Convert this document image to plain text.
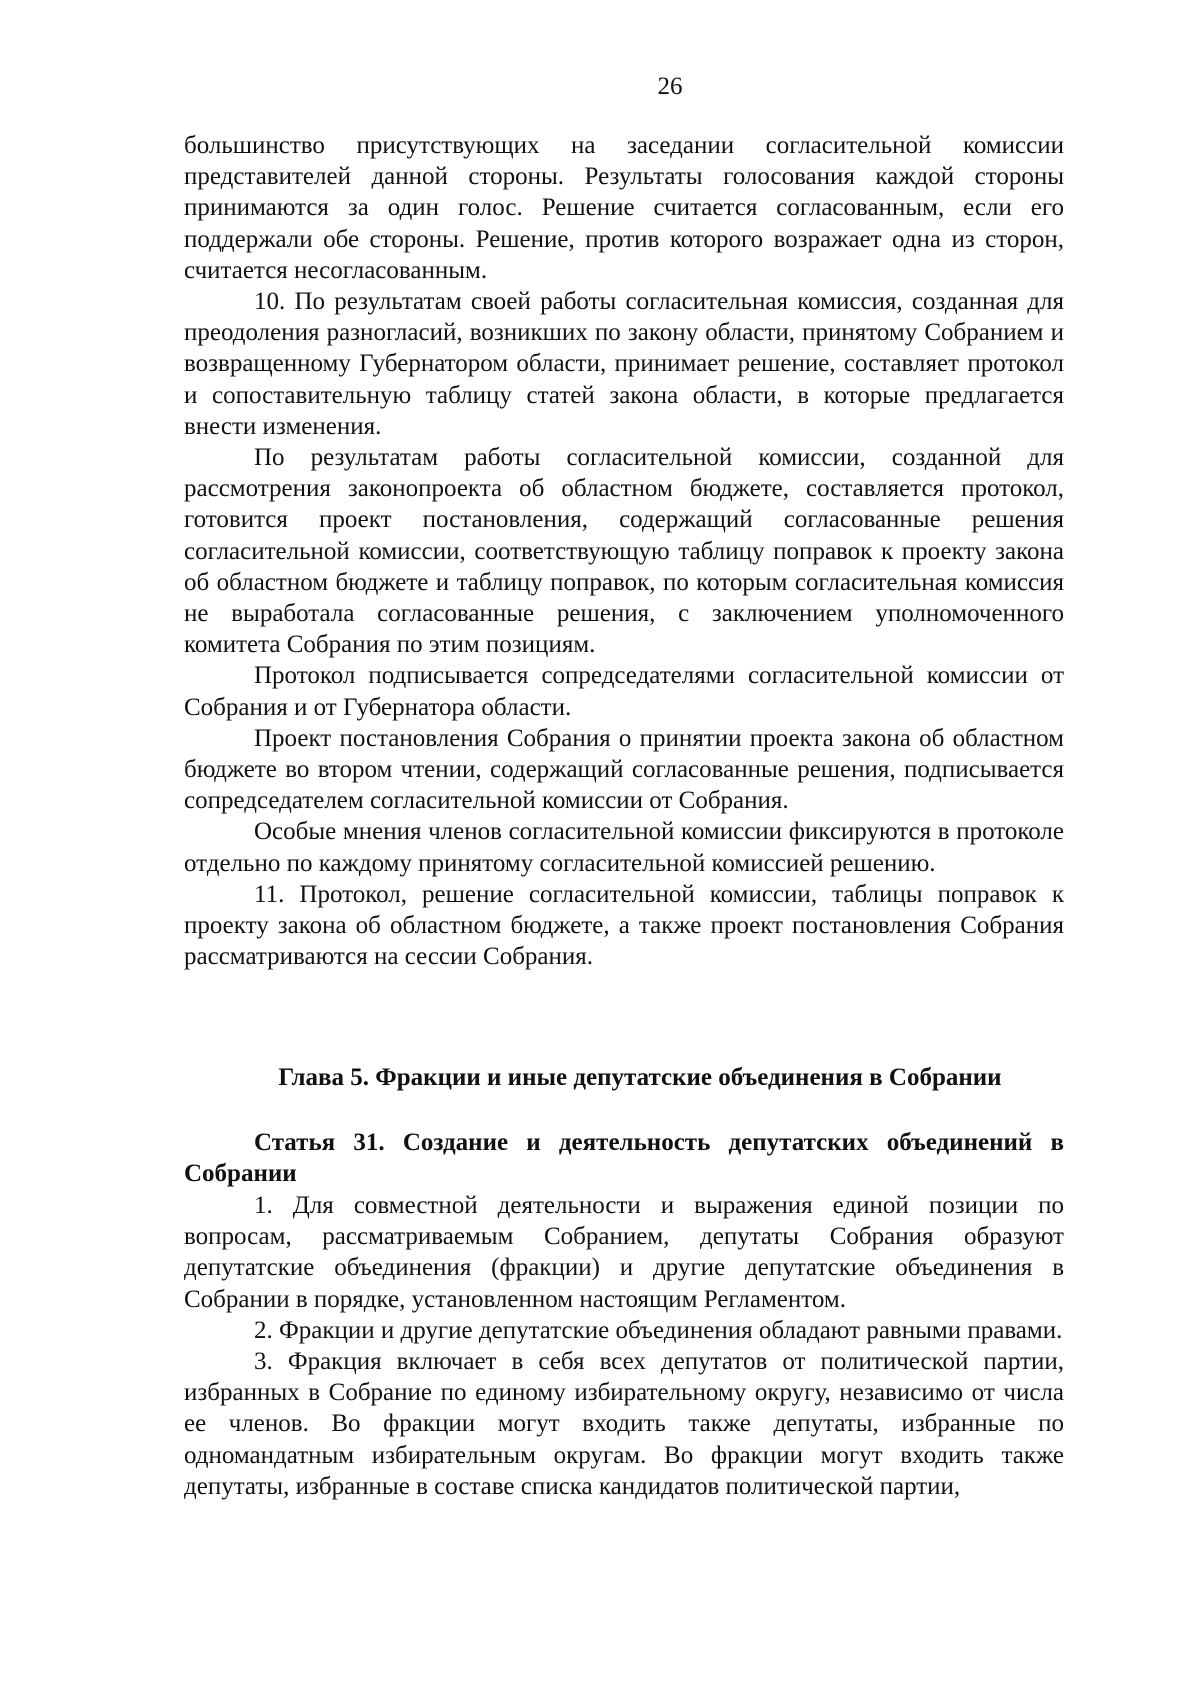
26

большинство присутствующих на заседании согласительной комиссии представителей данной стороны. Результаты голосования каждой стороны принимаются за один голос. Решение считается согласованным, если его поддержали обе стороны. Решение, против которого возражает одна из сторон, считается несогласованным.

10. По результатам своей работы согласительная комиссия, созданная для преодоления разногласий, возникших по закону области, принятому Собранием и возвращенному Губернатором области, принимает решение, составляет протокол и сопоставительную таблицу статей закона области, в которые предлагается внести изменения.

По результатам работы согласительной комиссии, созданной для рассмотрения законопроекта об областном бюджете, составляется протокол, готовится проект постановления, содержащий согласованные решения согласительной комиссии, соответствующую таблицу поправок к проекту закона об областном бюджете и таблицу поправок, по которым согласительная комиссия не выработала согласованные решения, с заключением уполномоченного комитета Собрания по этим позициям.

Протокол подписывается сопредседателями согласительной комиссии от Собрания и от Губернатора области.

Проект постановления Собрания о принятии проекта закона об областном бюджете во втором чтении, содержащий согласованные решения, подписывается сопредседателем согласительной комиссии от Собрания.

Особые мнения членов согласительной комиссии фиксируются в протоколе отдельно по каждому принятому согласительной комиссией решению.

11. Протокол, решение согласительной комиссии, таблицы поправок к проекту закона об областном бюджете, а также проект постановления Собрания рассматриваются на сессии Собрания.

Глава 5. Фракции и иные депутатские объединения в Собрании
Статья 31. Создание и деятельность депутатских объединений в Собрании

1. Для совместной деятельности и выражения единой позиции по вопросам, рассматриваемым Собранием, депутаты Собрания образуют депутатские объединения (фракции) и другие депутатские объединения в Собрании в порядке, установленном настоящим Регламентом.

2. Фракции и другие депутатские объединения обладают равными правами.

3. Фракция включает в себя всех депутатов от политической партии, избранных в Собрание по единому избирательному округу, независимо от числа ее членов. Во фракции могут входить также депутаты, избранные по одномандатным избирательным округам. Во фракции могут входить также депутаты, избранные в составе списка кандидатов политической партии,
